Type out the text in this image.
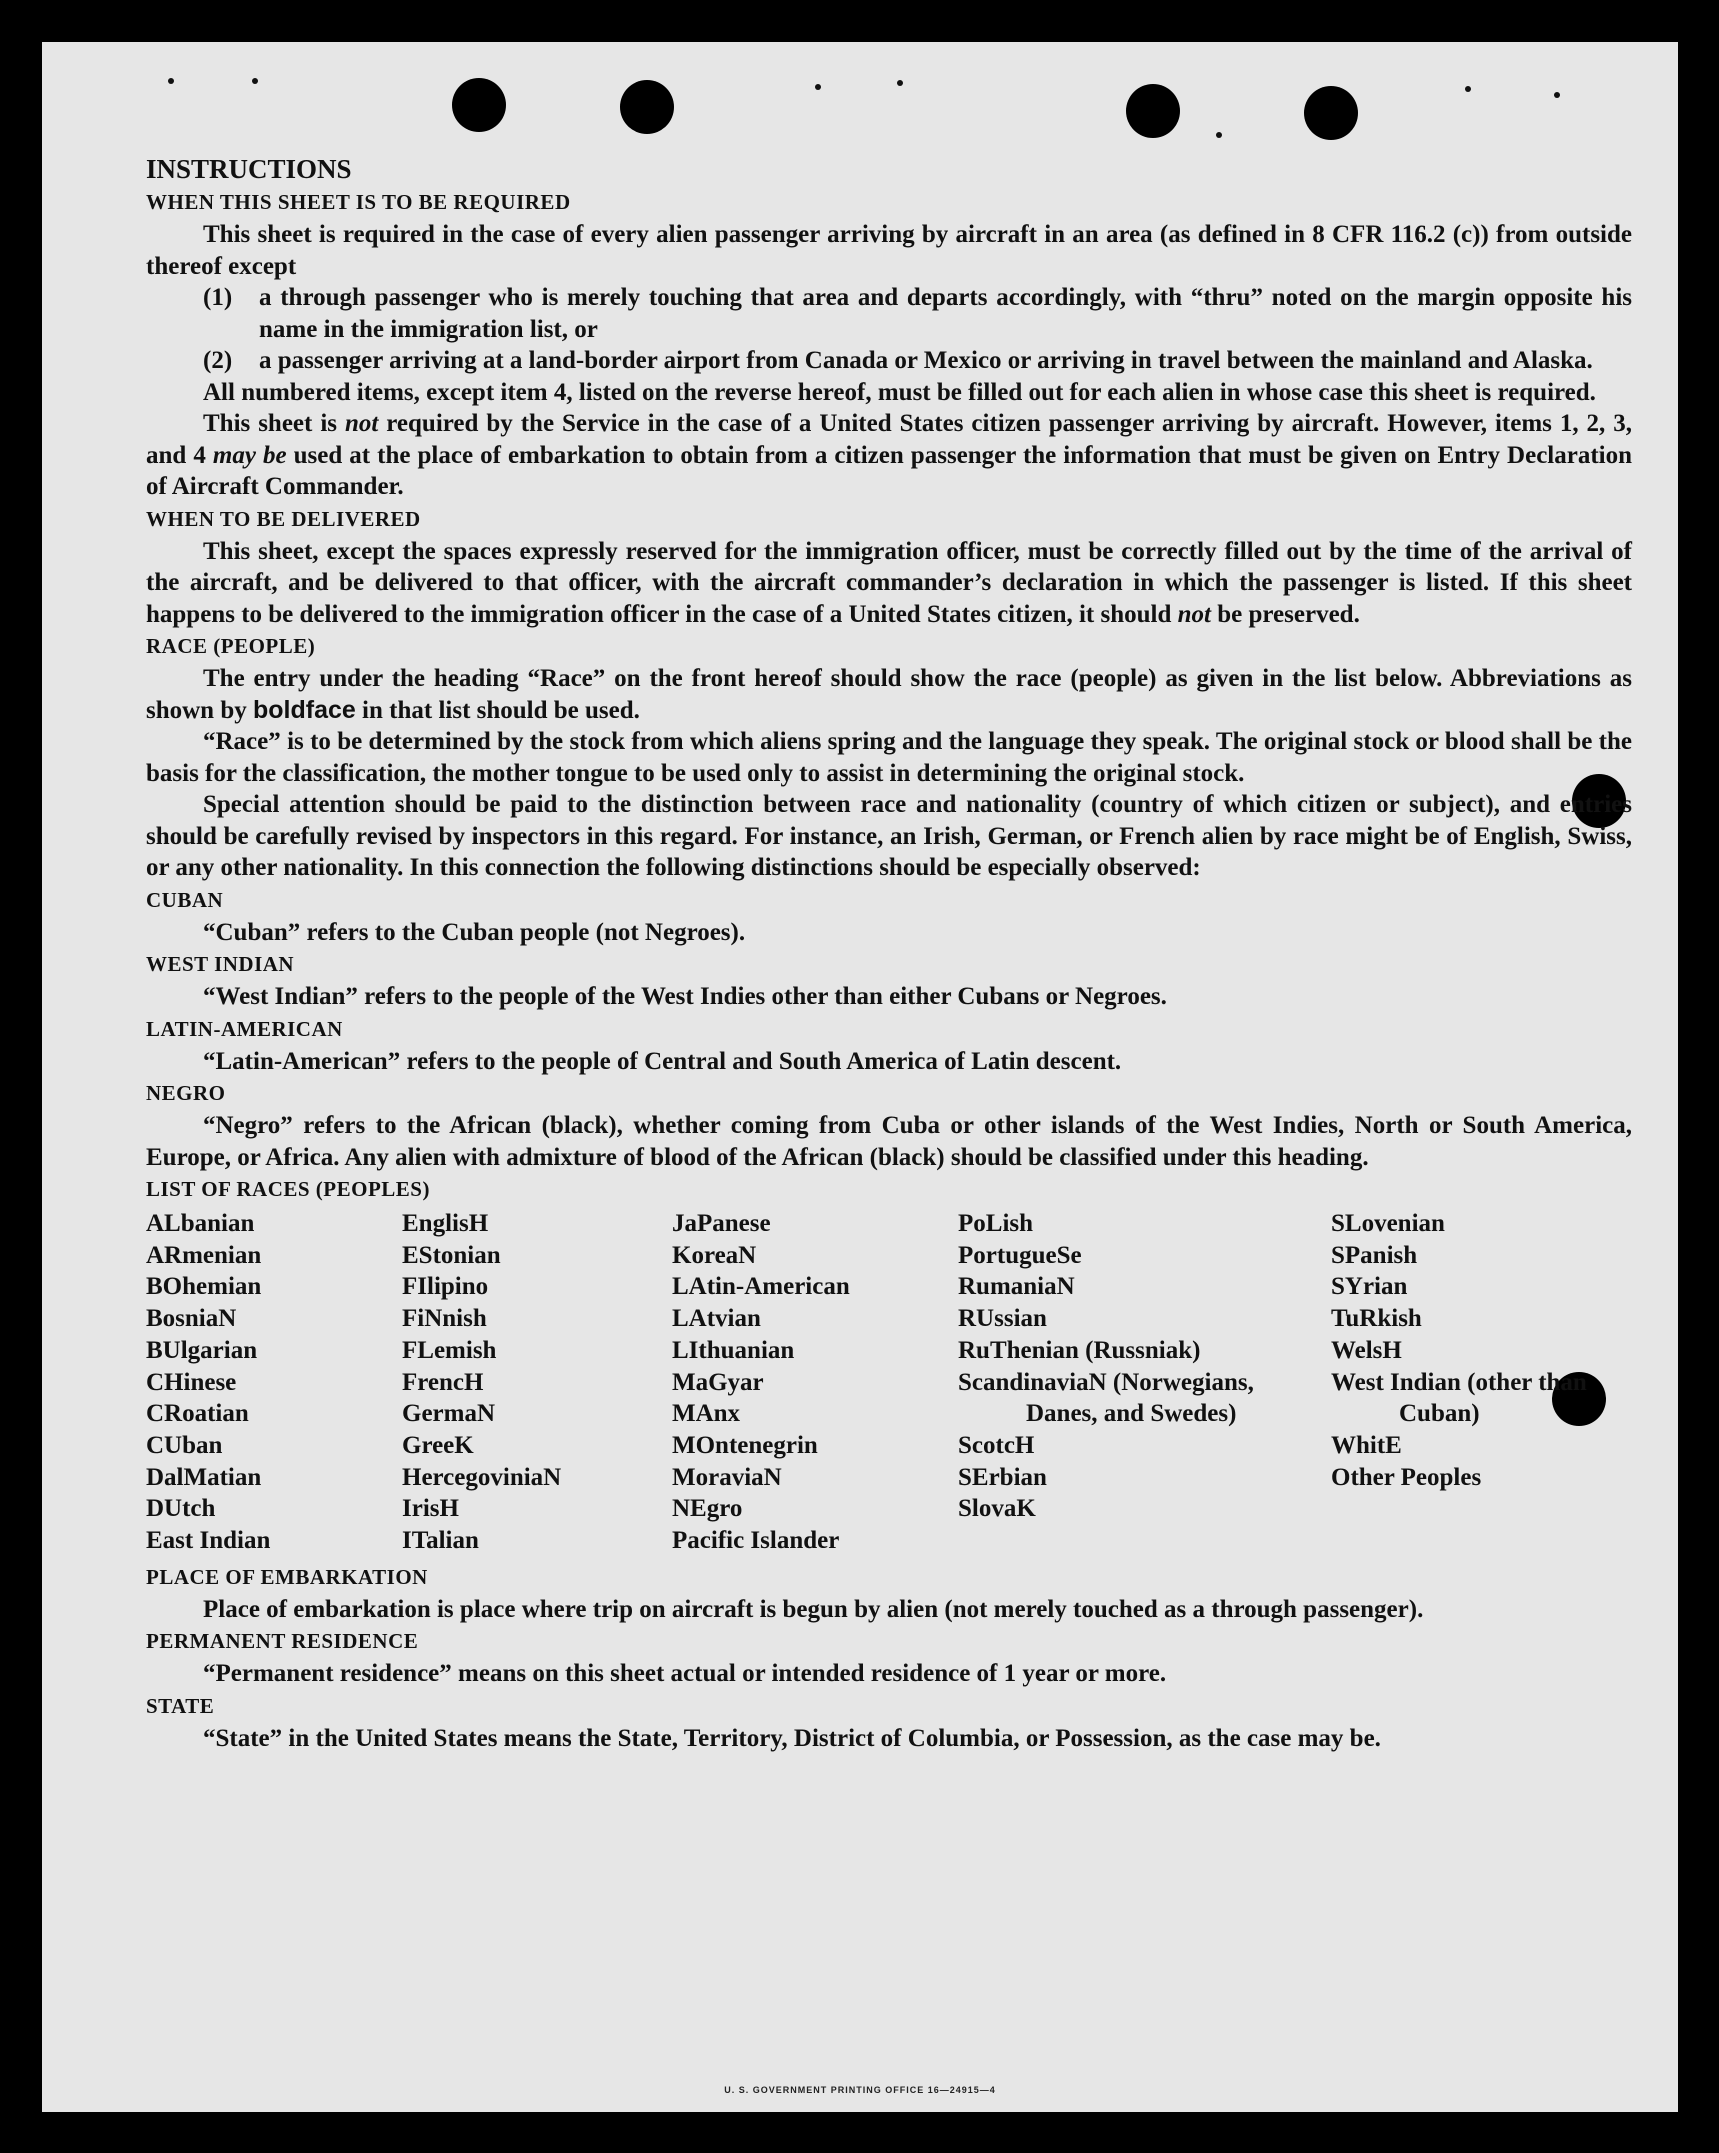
INSTRUCTIONS

WHEN THIS SHEET IS TO BE REQUIRED

This sheet is required in the case of every alien passenger arriving by aircraft in an area (as defined in 8 CFR 116.2 (c)) from outside thereof except

(1)	a through passenger who is merely touching that area and departs accordingly, with “thru” noted on the margin opposite his name in the immigration list, or
(2)	a passenger arriving at a land-border airport from Canada or Mexico or arriving in travel between the mainland and Alaska.

All numbered items, except item 4, listed on the reverse hereof, must be filled out for each alien in whose case this sheet is required.

This sheet is not required by the Service in the case of a United States citizen passenger arriving by aircraft. However, items 1, 2, 3, and 4 may be used at the place of embarkation to obtain from a citizen passenger the information that must be given on Entry Declaration of Aircraft Commander.

WHEN TO BE DELIVERED

This sheet, except the spaces expressly reserved for the immigration officer, must be correctly filled out by the time of the arrival of the aircraft, and be delivered to that officer, with the aircraft commander’s declaration in which the passenger is listed. If this sheet happens to be delivered to the immigration officer in the case of a United States citizen, it should not be preserved.

RACE (PEOPLE)

The entry under the heading “Race” on the front hereof should show the race (people) as given in the list below. Abbreviations as shown by boldface in that list should be used.

“Race” is to be determined by the stock from which aliens spring and the language they speak. The original stock or blood shall be the basis for the classification, the mother tongue to be used only to assist in determining the original stock.

Special attention should be paid to the distinction between race and nationality (country of which citizen or subject), and entries should be carefully revised by inspectors in this regard. For instance, an Irish, German, or French alien by race might be of English, Swiss, or any other nationality. In this connection the following distinctions should be especially observed:

CUBAN

“Cuban” refers to the Cuban people (not Negroes).

WEST INDIAN

“West Indian” refers to the people of the West Indies other than either Cubans or Negroes.

LATIN-AMERICAN

“Latin-American” refers to the people of Central and South America of Latin descent.

NEGRO

“Negro” refers to the African (black), whether coming from Cuba or other islands of the West Indies, North or South America, Europe, or Africa. Any alien with admixture of blood of the African (black) should be classified under this heading.

LIST OF RACES (PEOPLES)

ALbanian
ARmenian
BOhemian
BosniaN
BUlgarian
CHinese
CRoatian
CUban
DalMatian
DUtch
East Indian
EnglisH
EStonian
FIlipino
FiNnish
FLemish
FrencH
GermaN
GreeK
HercegoviniaN
IrisH
ITalian
JaPanese
KoreaN
LAtin-American
LAtvian
LIthuanian
MaGyar
MAnx
MOntenegrin
MoraviaN
NEgro
Pacific Islander
PoLish
PortugueSe
RumaniaN
RUssian
RuThenian (Russniak)
ScandinaviaN (Norwegians, Danes, and Swedes)
ScotcH
SErbian
SlovaK
SLovenian
SPanish
SYrian
TuRkish
WelsH
West Indian (other than Cuban)
WhitE
Other Peoples

PLACE OF EMBARKATION

Place of embarkation is place where trip on aircraft is begun by alien (not merely touched as a through passenger).

PERMANENT RESIDENCE

“Permanent residence” means on this sheet actual or intended residence of 1 year or more.

STATE

“State” in the United States means the State, Territory, District of Columbia, or Possession, as the case may be.

U. S. GOVERNMENT PRINTING OFFICE 16—24915—4
